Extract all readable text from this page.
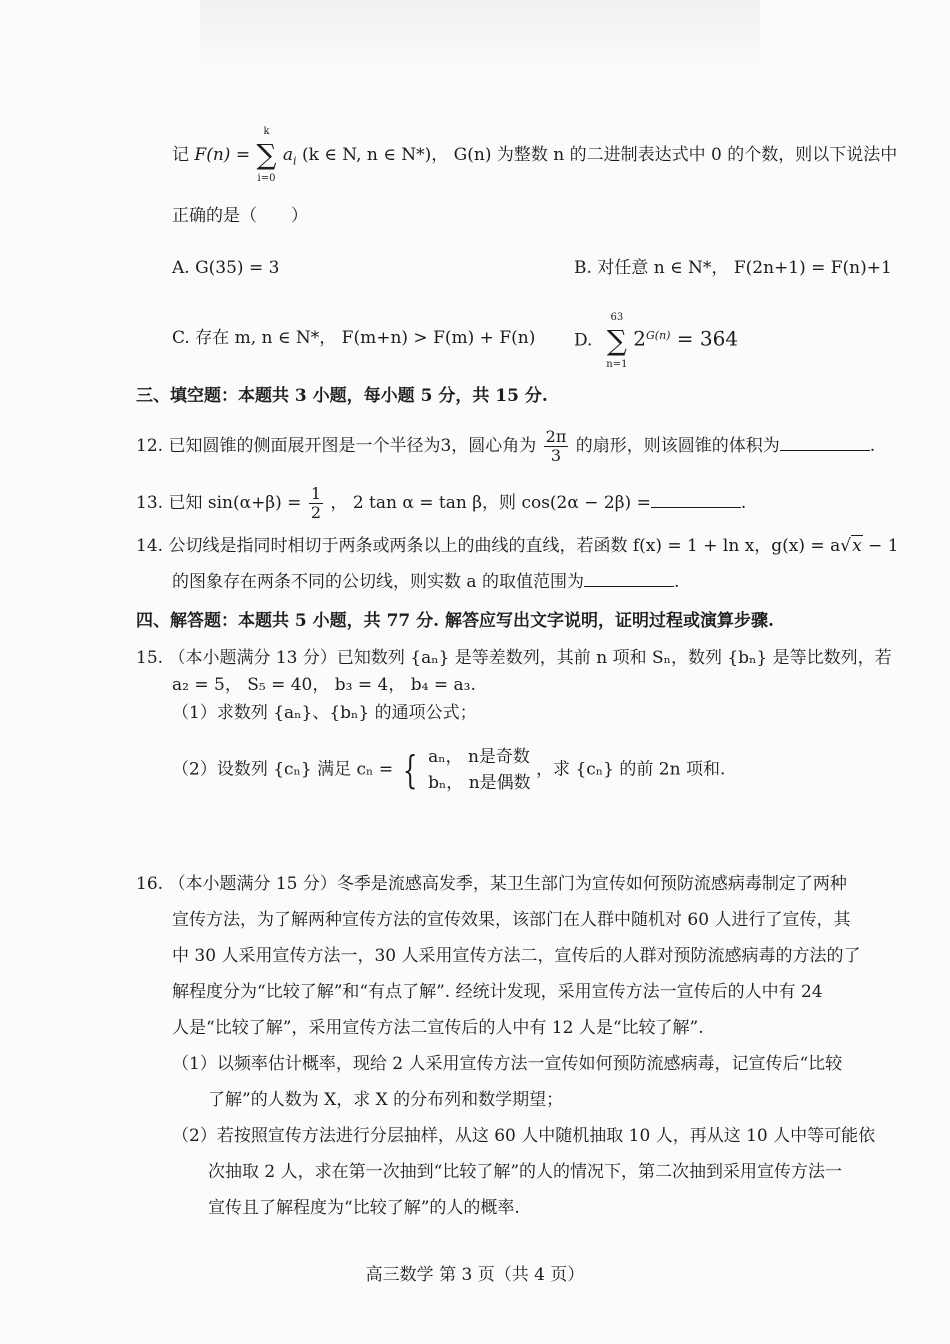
记 F(n) =
k
∑
i=0
$a_i$ (k ∈ N, n ∈ N*)， G(n) 为整数 n 的二进制表达式中 0 的个数，则以下说法中
正确的是（　　）
A. G(35) = 3	B. 对任意 n ∈ N*， F(2n+1) = F(n)+1
C. 存在 m, n ∈ N*， F(m+n) > F(m) + F(n) D.
63
∑
n=1
$2^{G(n)} = 364$
三、填空题：本题共 3 小题，每小题 5 分，共 15 分.
12. 已知圆锥的侧面展开图是一个半径为3，圆心角为 $\frac{2\pi}{3}$ 的扇形，则该圆锥的体积为	.
13. 已知 $\sin(\alpha+\beta) = \frac{1}{2}$ ， 2 tan α = tan β，则 cos(2α − 2β) =	.
14. 公切线是指同时相切于两条或两条以上的曲线的直线，若函数 f(x) = 1 + ln x，g(x) = a√x − 1
的图象存在两条不同的公切线，则实数 a 的取值范围为	.
四、解答题：本题共 5 小题，共 77 分. 解答应写出文字说明，证明过程或演算步骤.
15. （本小题满分 13 分）已知数列 {aₙ} 是等差数列，其前 n 项和 Sₙ，数列 {bₙ} 是等比数列，若
a₂ = 5， S₅ = 40， b₃ = 4， b₄ = a₃.
（1）求数列 {aₙ}、{bₙ} 的通项公式；
（2）设数列 {cₙ} 满足 cₙ = { aₙ， n是奇数
bₙ， n是偶数
，求 {cₙ} 的前 2n 项和.
16. （本小题满分 15 分）冬季是流感高发季，某卫生部门为宣传如何预防流感病毒制定了两种
宣传方法，为了解两种宣传方法的宣传效果，该部门在人群中随机对 60 人进行了宣传，其
中 30 人采用宣传方法一，30 人采用宣传方法二，宣传后的人群对预防流感病毒的方法的了
解程度分为“比较了解”和“有点了解”. 经统计发现，采用宣传方法一宣传后的人中有 24
人是“比较了解”，采用宣传方法二宣传后的人中有 12 人是“比较了解”.
（1）以频率估计概率，现给 2 人采用宣传方法一宣传如何预防流感病毒，记宣传后“比较
了解”的人数为 X，求 X 的分布列和数学期望；
（2）若按照宣传方法进行分层抽样，从这 60 人中随机抽取 10 人，再从这 10 人中等可能依
次抽取 2 人，求在第一次抽到“比较了解”的人的情况下，第二次抽到采用宣传方法一
宣传且了解程度为“比较了解”的人的概率.
高三数学 第 3 页（共 4 页）
